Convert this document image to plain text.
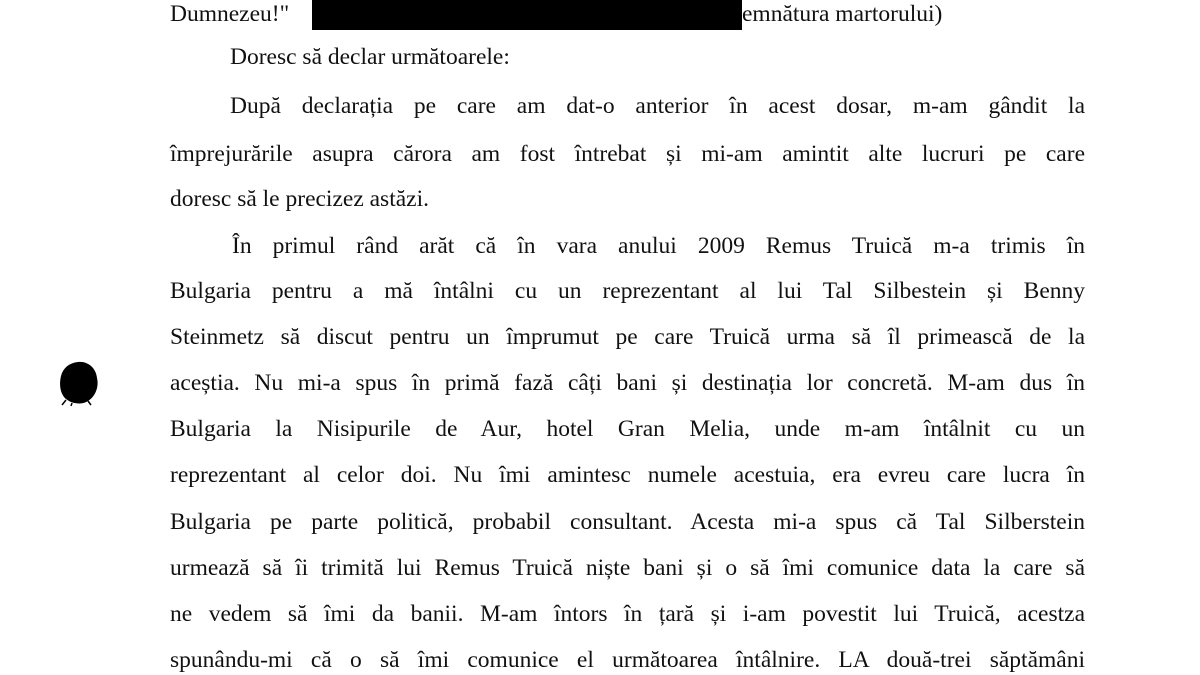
Dumnezeu!"	emnătura martorului)
Doresc să declar următoarele:
După declarația pe care am dat-o anterior în acest dosar, m-am gândit la
împrejurările asupra cărora am fost întrebat și mi-am amintit alte lucruri pe care
doresc să le precizez astăzi.
În primul rând arăt că în vara anului 2009 Remus Truică m-a trimis în
Bulgaria pentru a mă întâlni cu un reprezentant al lui Tal Silbestein și Benny
Steinmetz să discut pentru un împrumut pe care Truică urma să îl primească de la
aceștia. Nu mi-a spus în primă fază câți bani și destinația lor concretă. M-am dus în
Bulgaria la Nisipurile de Aur, hotel Gran Melia, unde m-am întâlnit cu un
reprezentant al celor doi. Nu îmi amintesc numele acestuia, era evreu care lucra în
Bulgaria pe parte politică, probabil consultant. Acesta mi-a spus că Tal Silberstein
urmează să îi trimită lui Remus Truică niște bani și o să îmi comunice data la care să
ne vedem să îmi da banii. M-am întors în țară și i-am povestit lui Truică, acestza
spunându-mi că o să îmi comunice el următoarea întâlnire. LA două-trei săptămâni
